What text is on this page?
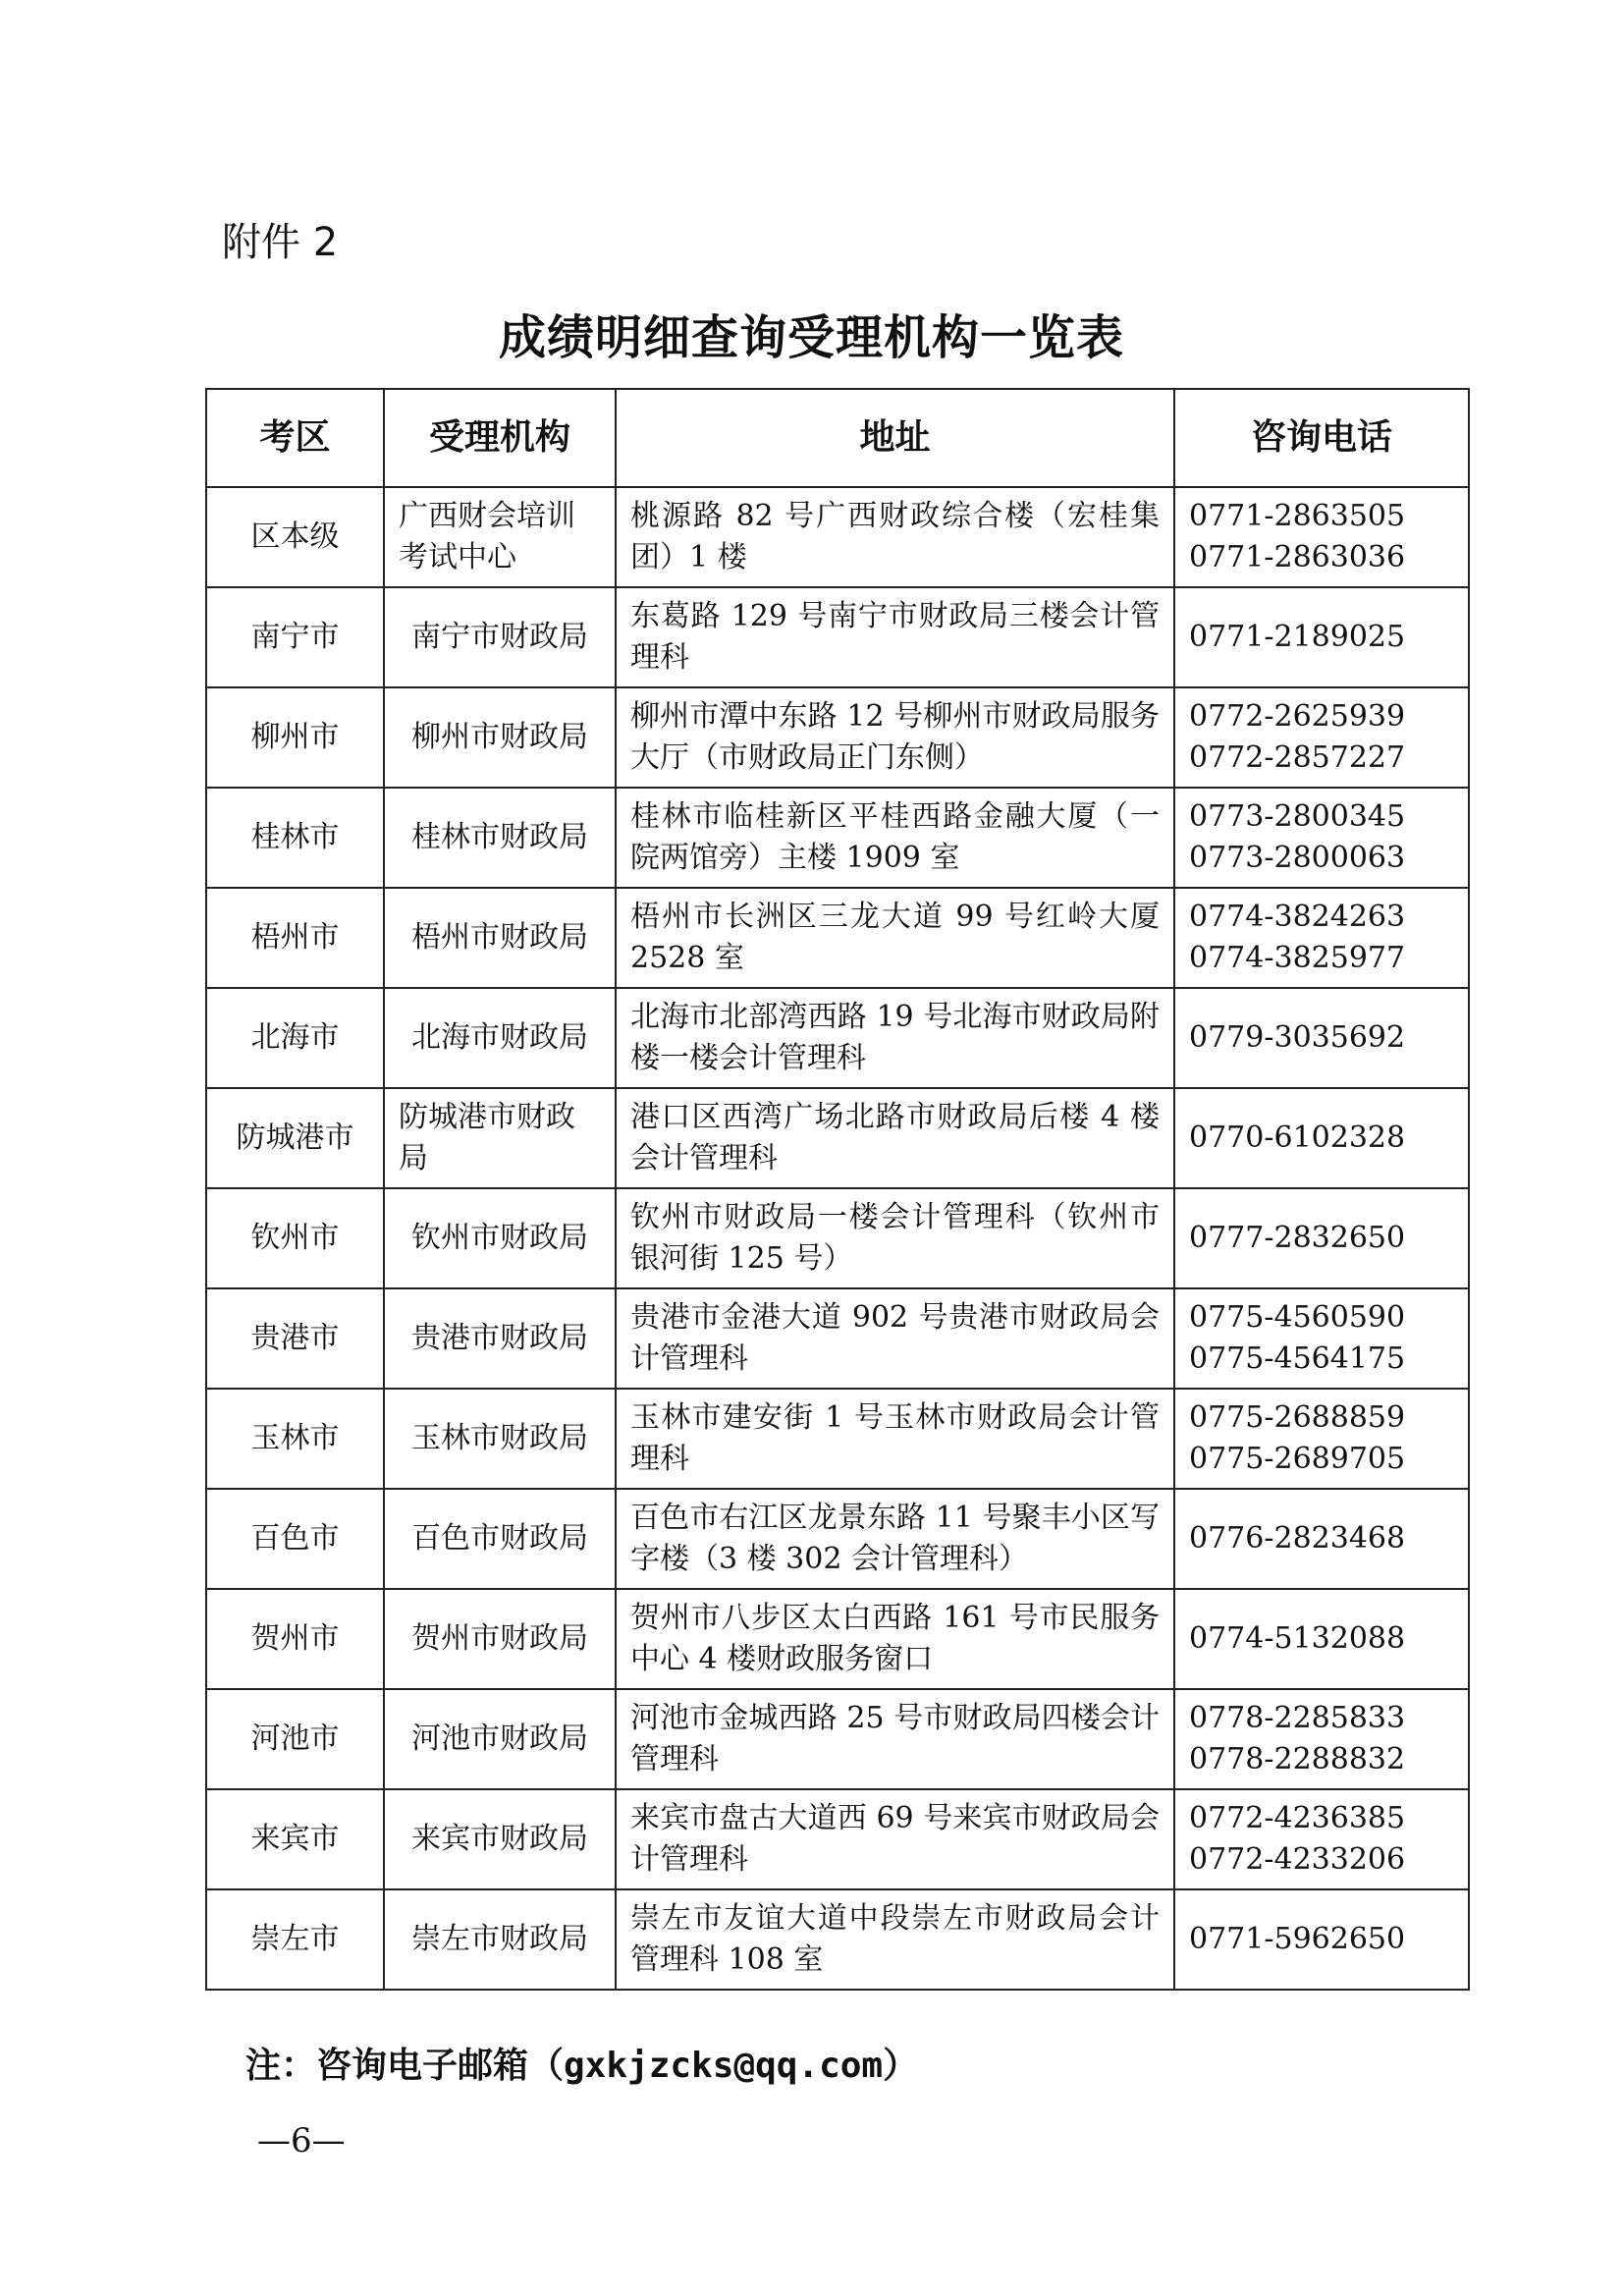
附件 2
成绩明细查询受理机构一览表
考区	受理机构	地址	咨询电话
区本级	广西财会培训考试中心	桃源路 82 号广西财政综合楼（宏桂集团）1 楼	0771-2863505
0771-2863036

南宁市	南宁市财政局	东葛路 129 号南宁市财政局三楼会计管理科	0771-2189025

柳州市	柳州市财政局	柳州市潭中东路 12 号柳州市财政局服务大厅（市财政局正门东侧）	0772-2625939
0772-2857227

桂林市	桂林市财政局	桂林市临桂新区平桂西路金融大厦（一院两馆旁）主楼 1909 室	0773-2800345
0773-2800063

梧州市	梧州市财政局	梧州市长洲区三龙大道 99 号红岭大厦 2528 室	0774-3824263
0774-3825977

北海市	北海市财政局	北海市北部湾西路 19 号北海市财政局附楼一楼会计管理科	0779-3035692

防城港市	防城港市财政局	港口区西湾广场北路市财政局后楼 4 楼会计管理科	0770-6102328

钦州市	钦州市财政局	钦州市财政局一楼会计管理科（钦州市银河街 125 号）	0777-2832650

贵港市	贵港市财政局	贵港市金港大道 902 号贵港市财政局会计管理科	0775-4560590
0775-4564175

玉林市	玉林市财政局	玉林市建安街 1 号玉林市财政局会计管理科	0775-2688859
0775-2689705

百色市	百色市财政局	百色市右江区龙景东路 11 号聚丰小区写字楼（3 楼 302 会计管理科）	0776-2823468

贺州市	贺州市财政局	贺州市八步区太白西路 161 号市民服务中心 4 楼财政服务窗口	0774-5132088

河池市	河池市财政局	河池市金城西路 25 号市财政局四楼会计管理科	0778-2285833
0778-2288832

来宾市	来宾市财政局	来宾市盘古大道西 69 号来宾市财政局会计管理科	0772-4236385
0772-4233206

崇左市	崇左市财政局	崇左市友谊大道中段崇左市财政局会计管理科 108 室	0771-5962650
注：咨询电子邮箱（gxkjzcks@qq.com）
—6—
